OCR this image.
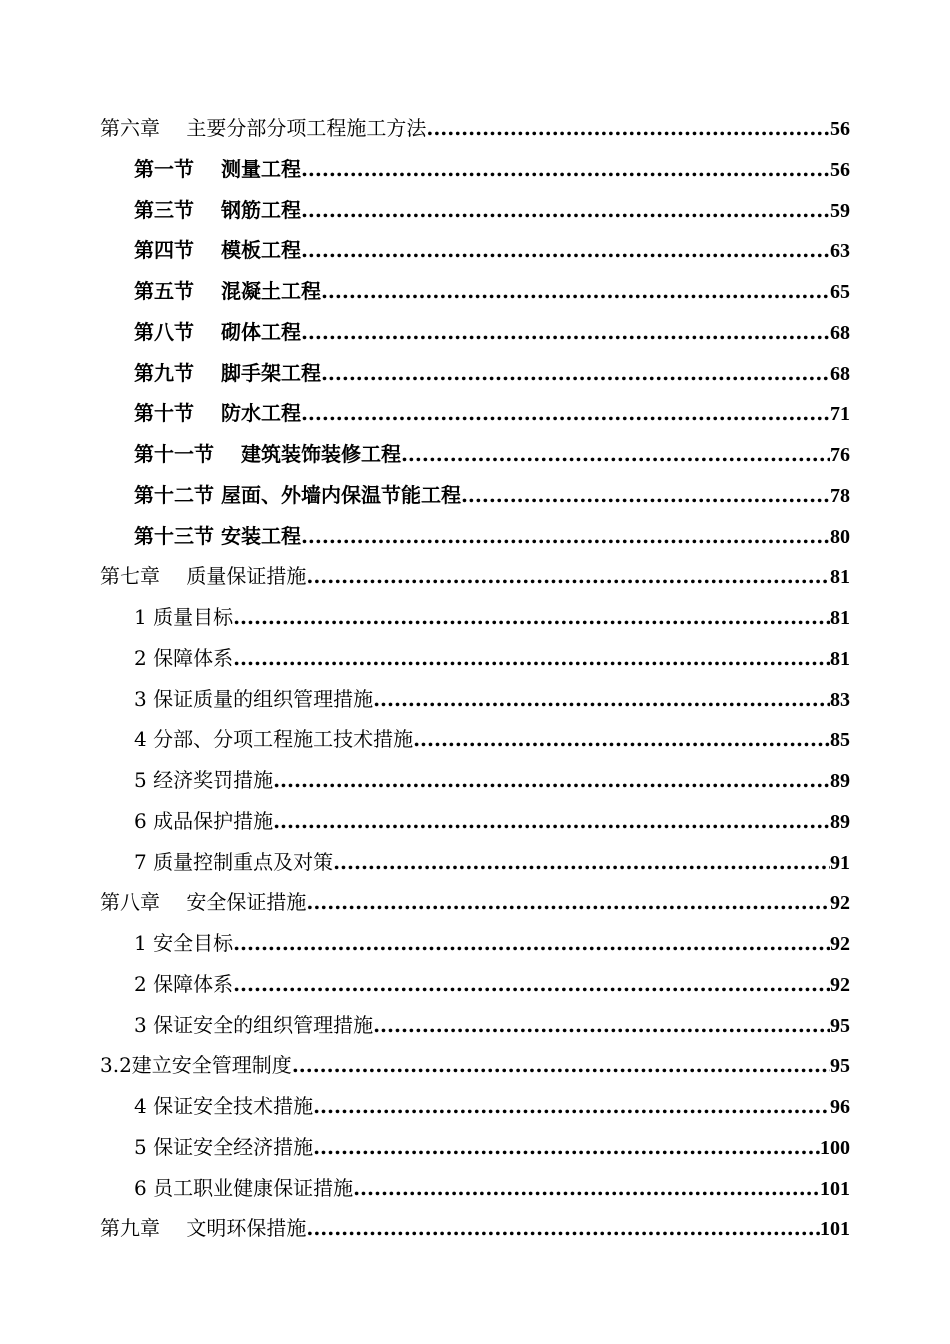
第六章　 主要分部分项工程施工方法 .....	56
第一节　 测量工程 .....	56
第三节　 钢筋工程 .....	59
第四节　 模板工程 .....	63
第五节　 混凝土工程 .....	65
第八节　 砌体工程 .....	68
第九节　 脚手架工程 .....	68
第十节　 防水工程 .....	71
第十一节　 建筑装饰装修工程 .....	76
第十二节 屋面、外墙内保温节能工程 .....	78
第十三节 安装工程 .....	80
第七章　 质量保证措施 .....	81
1 质量目标 .....	81
2 保障体系 .....	81
3 保证质量的组织管理措施 .....	83
4 分部、分项工程施工技术措施 .....	85
5 经济奖罚措施 .....	89
6 成品保护措施 .....	89
7 质量控制重点及对策 .....	91
第八章　 安全保证措施 .....	92
1 安全目标 .....	92
2 保障体系 .....	92
3 保证安全的组织管理措施 .....	95
3.2建立安全管理制度 .....	95
4 保证安全技术措施 .....	96
5 保证安全经济措施 .....	100
6 员工职业健康保证措施 .....	101
第九章　 文明环保措施 .....	101
